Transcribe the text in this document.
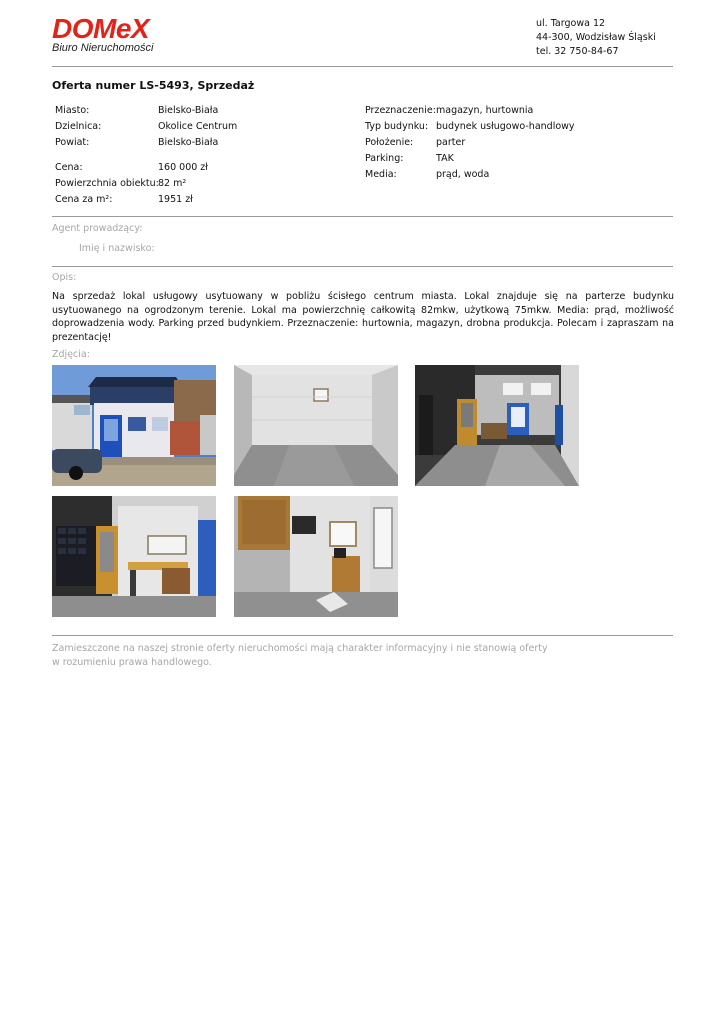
DOMeX
Biuro Nieruchomości
ul. Targowa 12
44-300, Wodzisław Śląski
tel. 32 750-84-67
Oferta numer LS-5493, Sprzedaż
Miasto:	Bielsko-Biała
Dzielnica:	Okolice Centrum
Powiat:	Bielsko-Biała
Cena:	160 000 zł
Powierzchnia obiektu: 82 m²
Cena za m²:	1951 zł
Przeznaczenie: magazyn, hurtownia
Typ budynku: budynek usługowo-handlowy
Położenie:	parter
Parking:	TAK
Media:	prąd, woda
Agent prowadzący:
Imię i nazwisko:
Opis:
Na sprzedaż lokal usługowy usytuowany w pobliżu ścisłego centrum miasta. Lokal znajduje się na parterze budynku usytuowanego na ogrodzonym terenie. Lokal ma powierzchnię całkowitą 82mkw, użytkową 75mkw. Media: prąd, możliwość doprowadzenia wody. Parking przed budynkiem. Przeznaczenie: hurtownia, magazyn, drobna produkcja. Polecam i zapraszam na prezentację!
Zdjęcia:
Zamieszczone na naszej stronie oferty nieruchomości mają charakter informacyjny i nie stanowią oferty
w rozumieniu prawa handlowego.
